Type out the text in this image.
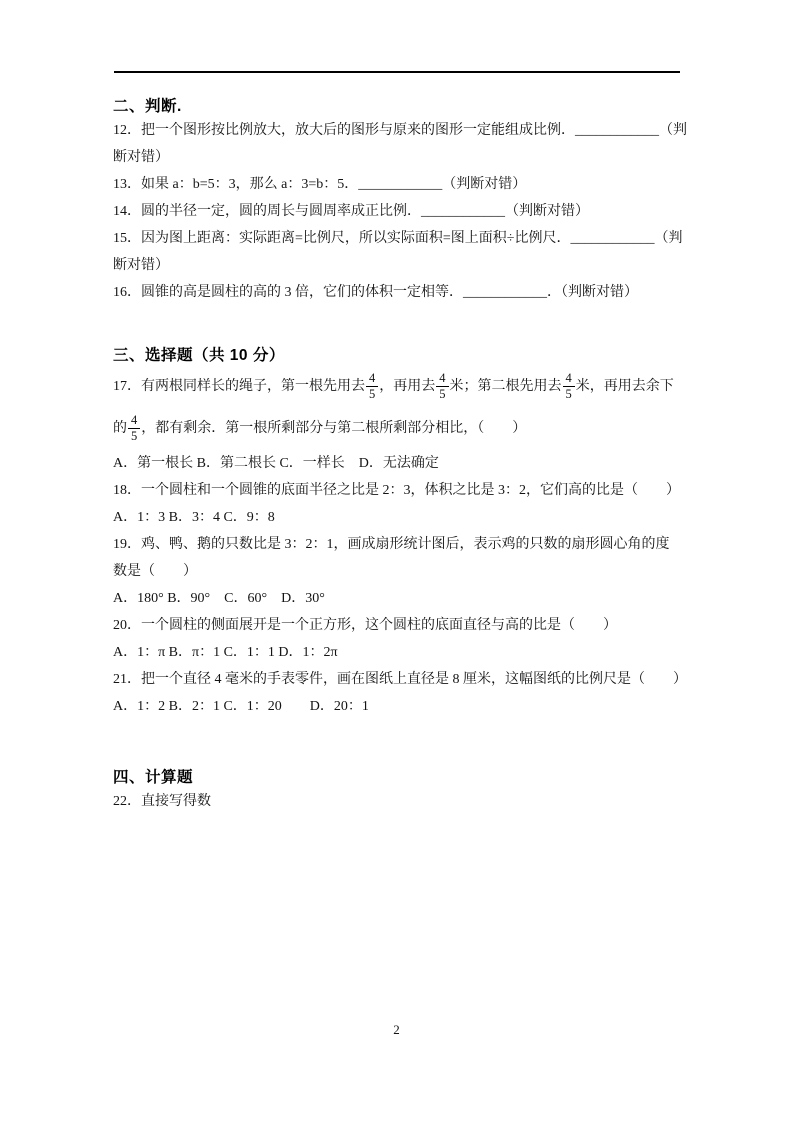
二、判断.

12．把一个图形按比例放大，放大后的图形与原来的图形一定能组成比例．____________（判
断对错）

13．如果 a：b=5：3，那么 a：3=b：5．____________（判断对错）

14．圆的半径一定，圆的周长与圆周率成正比例．____________（判断对错）

15．因为图上距离：实际距离=比例尺，所以实际面积=图上面积÷比例尺．____________（判
断对错）

16．圆锥的高是圆柱的高的 3 倍，它们的体积一定相等．____________．（判断对错）

三、选择题（共 10 分）

17．有两根同样长的绳子，第一根先用去 $\frac{4}{5}$ ，再用去 $\frac{4}{5}$ 米；第二根先用去 $\frac{4}{5}$ 米，再用去余下
的 $\frac{4}{5}$ ，都有剩余．第一根所剩部分与第二根所剩部分相比，（　　）

A．第一根长 B．第二根长 C．一样长　D．无法确定

18．一个圆柱和一个圆锥的底面半径之比是 2：3，体积之比是 3：2，它们高的比是（　　）

A．1：3 B．3：4 C．9：8

19．鸡、鸭、鹅的只数比是 3：2：1，画成扇形统计图后，表示鸡的只数的扇形圆心角的度
数是（　　）

A．180° B．90°　C．60°　D．30°

20．一个圆柱的侧面展开是一个正方形，这个圆柱的底面直径与高的比是（　　）

A．1：π B．π：1 C．1：1 D．1：2π

21．把一个直径 4 毫米的手表零件，画在图纸上直径是 8 厘米，这幅图纸的比例尺是（　　）

A．1：2 B．2：1 C．1：20　　D．20：1

四、计算题

22．直接写得数

2
